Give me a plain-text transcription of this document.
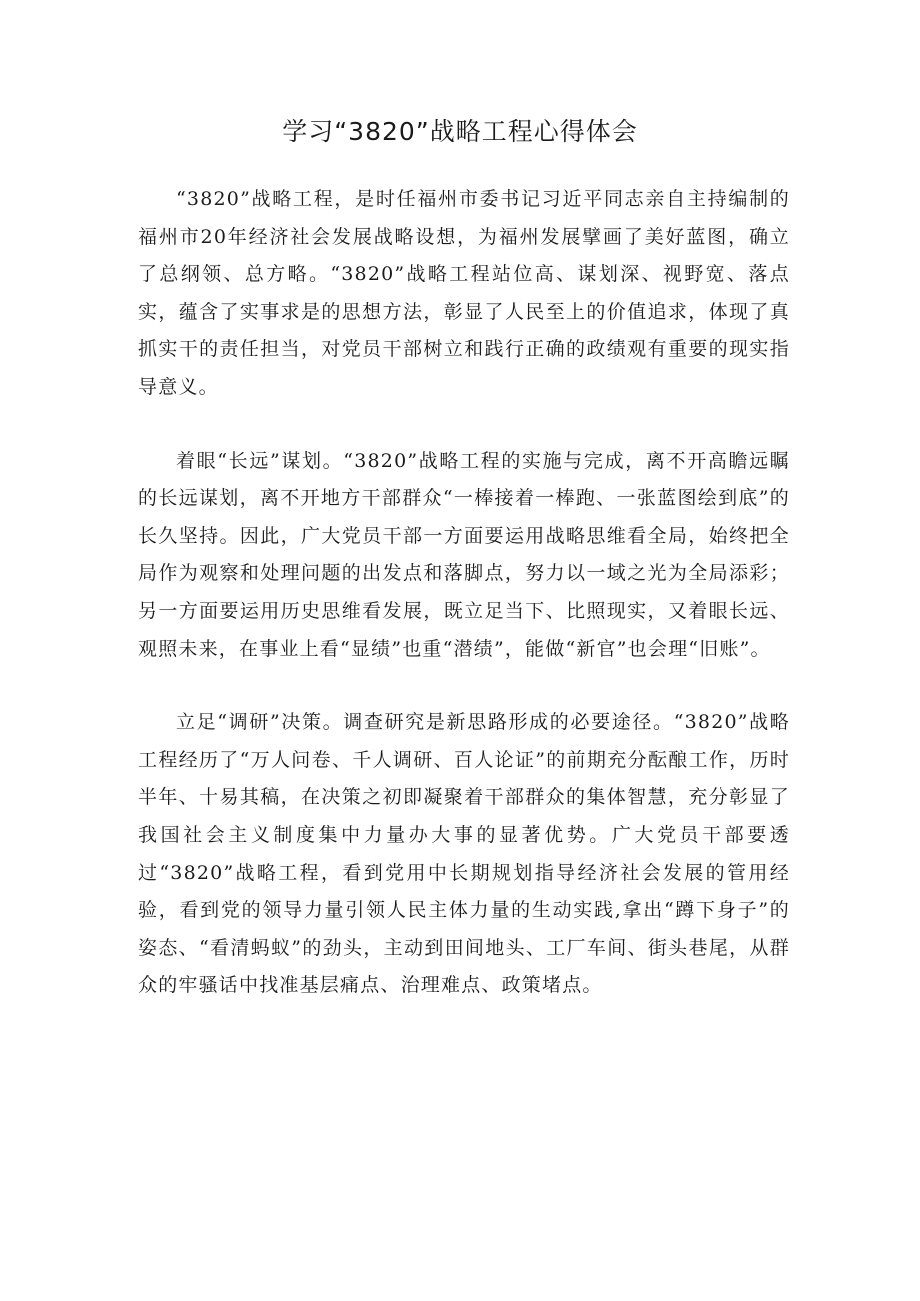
学习“3820”战略工程心得体会

“3820”战略工程，是时任福州市委书记习近平同志亲自主持编制的福州市20年经济社会发展战略设想，为福州发展擘画了美好蓝图，确立了总纲领、总方略。“3820”战略工程站位高、谋划深、视野宽、落点实，蕴含了实事求是的思想方法，彰显了人民至上的价值追求，体现了真抓实干的责任担当，对党员干部树立和践行正确的政绩观有重要的现实指导意义。

着眼“长远”谋划。“3820”战略工程的实施与完成，离不开高瞻远瞩的长远谋划，离不开地方干部群众“一棒接着一棒跑、一张蓝图绘到底”的长久坚持。因此，广大党员干部一方面要运用战略思维看全局，始终把全局作为观察和处理问题的出发点和落脚点，努力以一域之光为全局添彩；另一方面要运用历史思维看发展，既立足当下、比照现实，又着眼长远、观照未来，在事业上看“显绩”也重“潜绩”，能做“新官”也会理“旧账”。

立足“调研”决策。调查研究是新思路形成的必要途径。“3820”战略工程经历了“万人问卷、千人调研、百人论证”的前期充分酝酿工作，历时半年、十易其稿，在决策之初即凝聚着干部群众的集体智慧，充分彰显了我国社会主义制度集中力量办大事的显著优势。广大党员干部要透过“3820”战略工程，看到党用中长期规划指导经济社会发展的管用经验，看到党的领导力量引领人民主体力量的生动实践,拿出“蹲下身子”的姿态、“看清蚂蚁”的劲头，主动到田间地头、工厂车间、街头巷尾，从群众的牢骚话中找准基层痛点、治理难点、政策堵点。
